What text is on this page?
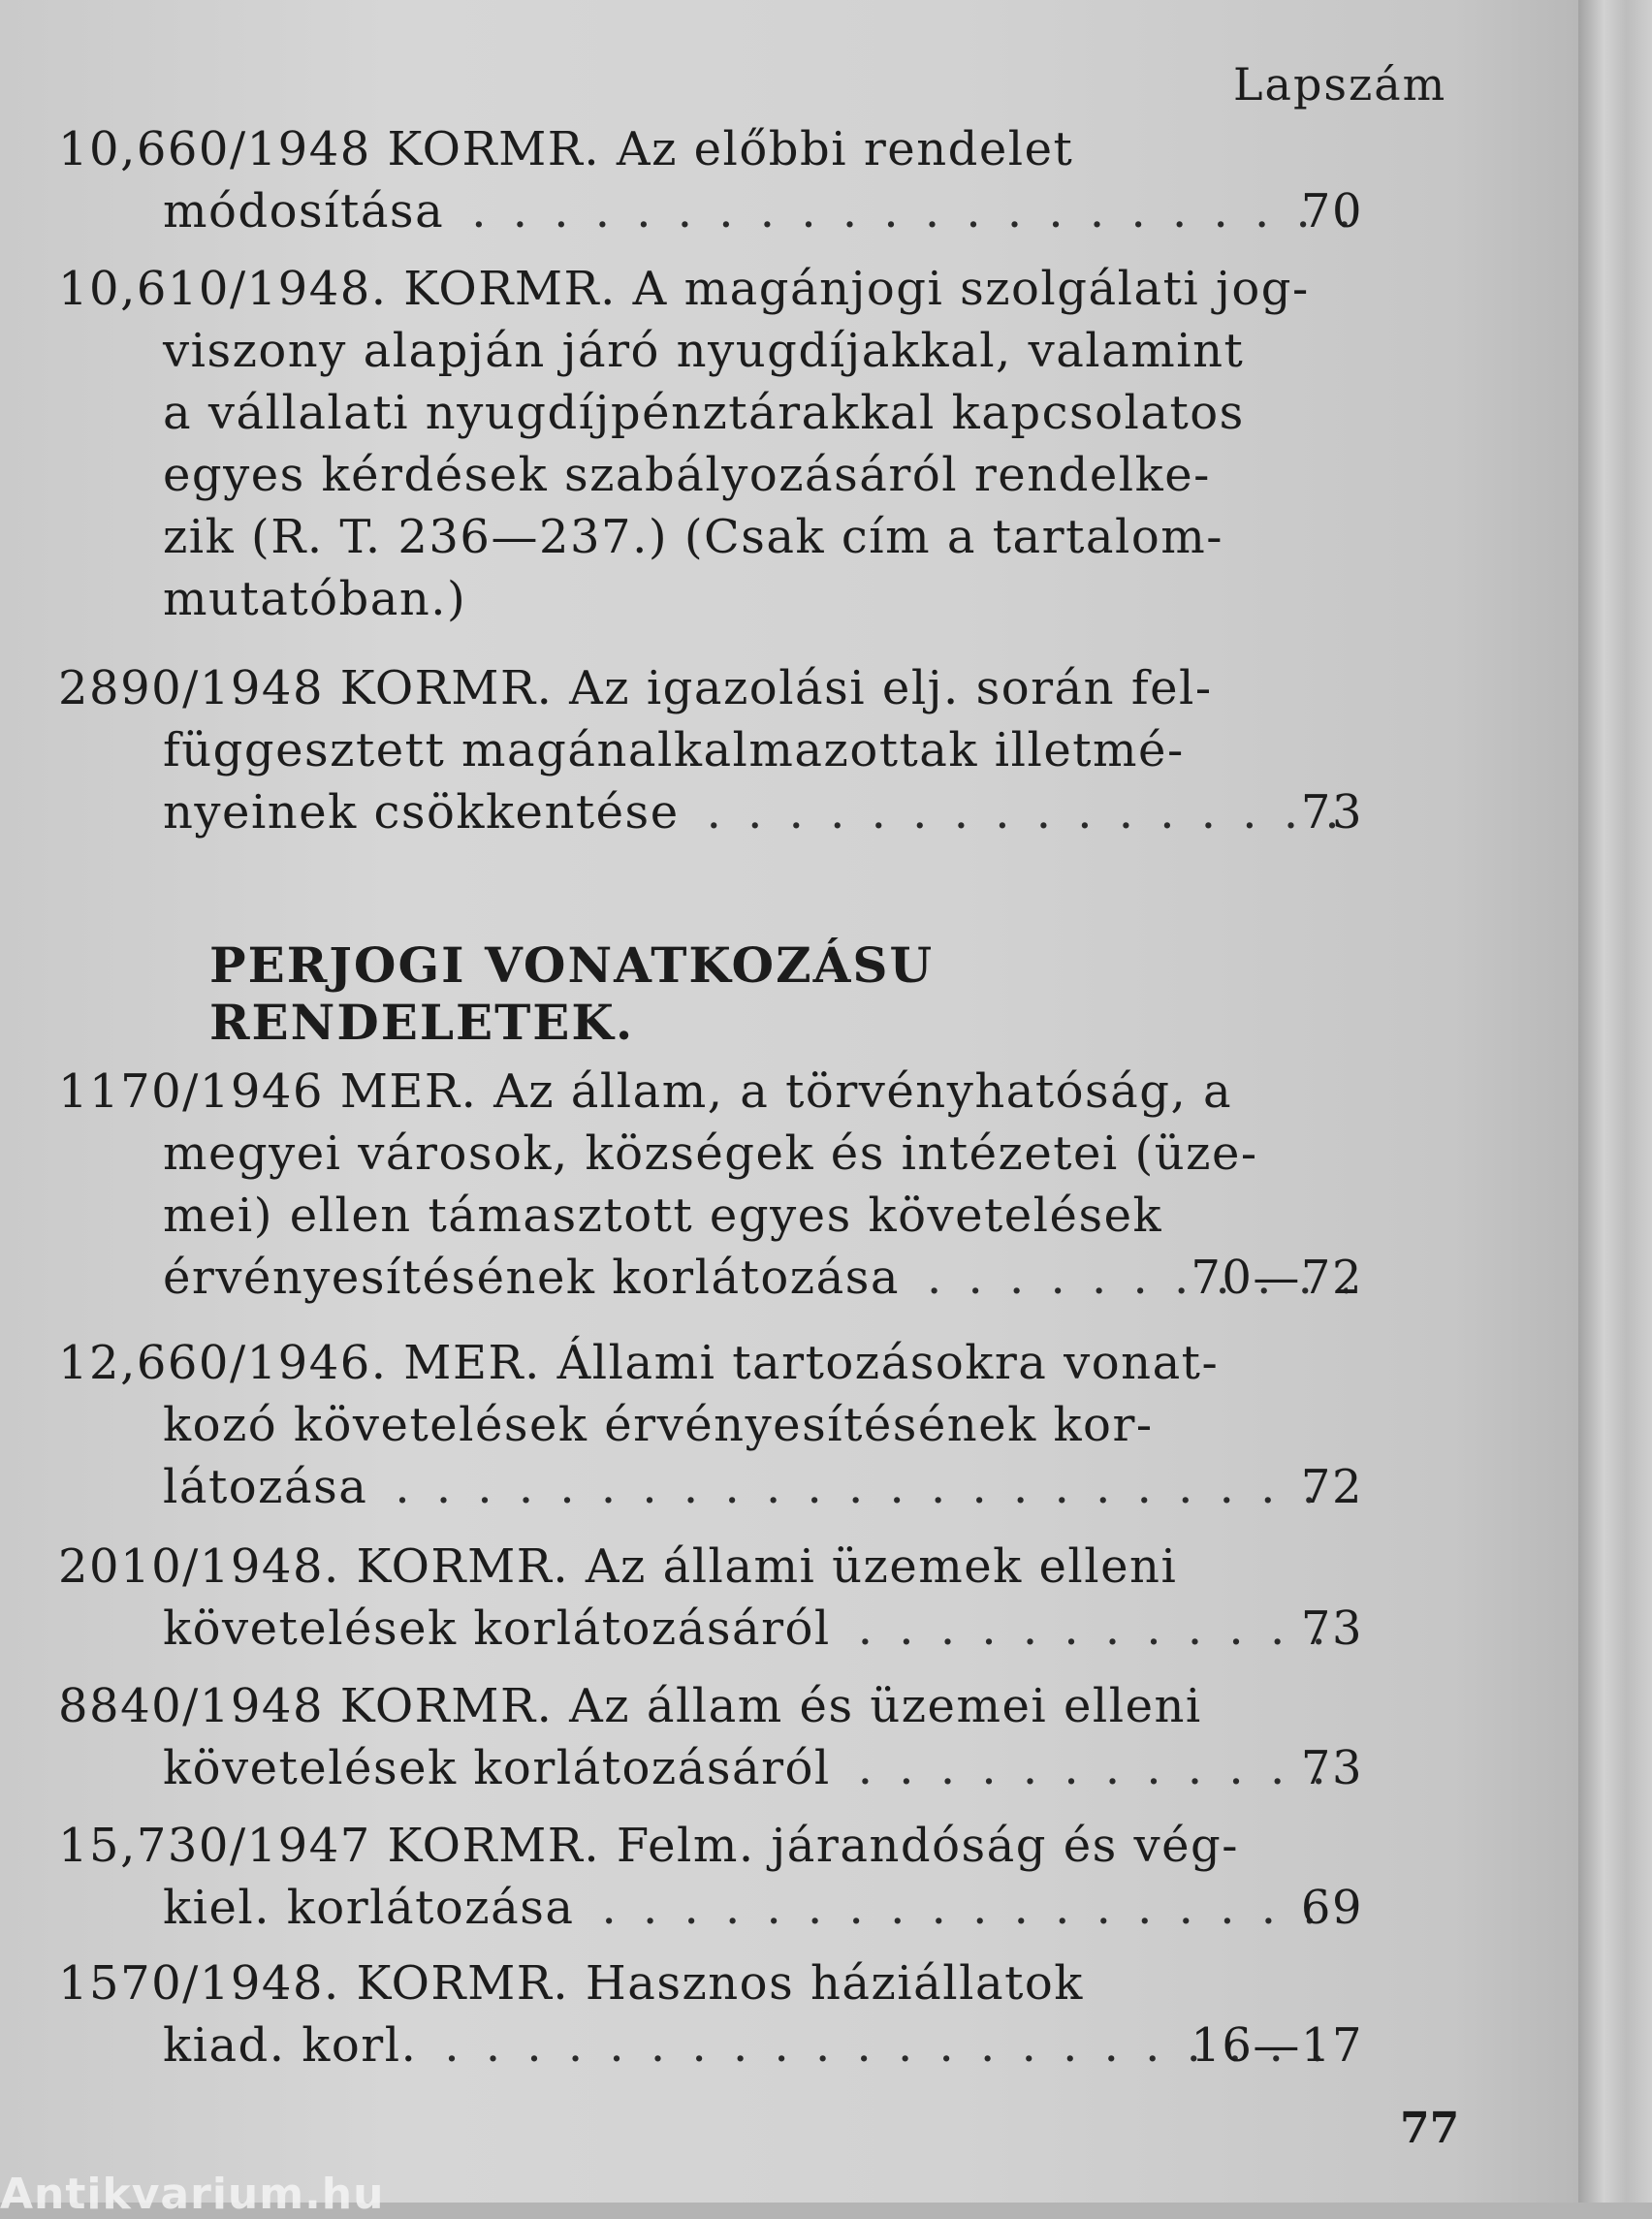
Lapszám
10,660/1948 KORMR. Az előbbi rendelet
módosítása . . .	70
10,610/1948. KORMR. A magánjogi szolgálati jog-
viszony alapján járó nyugdíjakkal, valamint
a vállalati nyugdíjpénztárakkal kapcsolatos
egyes kérdések szabályozásáról rendelke-
zik (R. T. 236—237.) (Csak cím a tartalom-
mutatóban.)
2890/1948 KORMR. Az igazolási elj. során fel-
függesztett magánalkalmazottak illetmé-
nyeinek csökkentése . . .	73
PERJOGI VONATKOZÁSU RENDELETEK.
1170/1946 MER. Az állam, a törvényhatóság, a
megyei városok, községek és intézetei (üze-
mei) ellen támasztott egyes követelések
érvényesítésének korlátozása . . .	70—72
12,660/1946. MER. Állami tartozásokra vonat-
kozó követelések érvényesítésének kor-
látozása . . .	72
2010/1948. KORMR. Az állami üzemek elleni
követelések korlátozásáról . . .	73
8840/1948 KORMR. Az állam és üzemei elleni
követelések korlátozásáról . . .	73
15,730/1947 KORMR. Felm. járandóság és vég-
kiel. korlátozása . . .	69
1570/1948. KORMR. Hasznos háziállatok
kiad. korl. . . .	16—17
77
Antikvarium.hu
